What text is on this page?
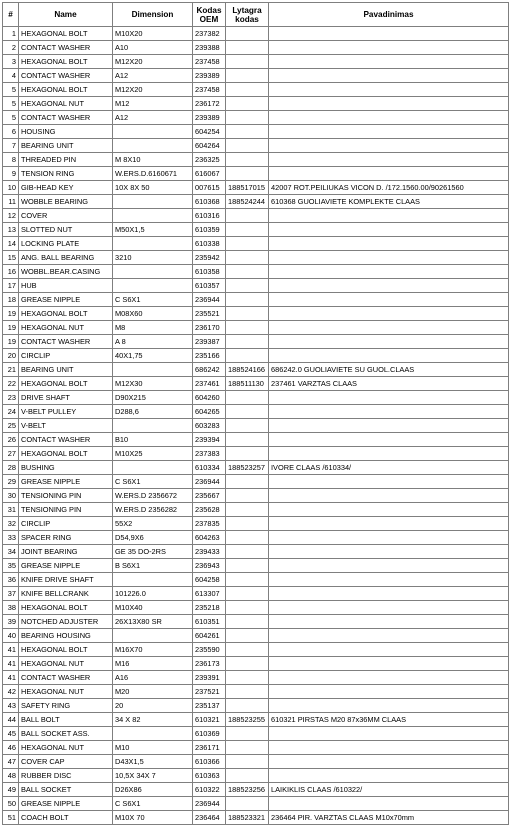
#	Name	Dimension	Kodas OEM	Lytagra kodas	Pavadinimas
1	HEXAGONAL BOLT	M10X20	237382		
2	CONTACT WASHER	A10	239388		
3	HEXAGONAL BOLT	M12X20	237458		
4	CONTACT WASHER	A12	239389		
5	HEXAGONAL BOLT	M12X20	237458		
5	HEXAGONAL NUT	M12	236172		
5	CONTACT WASHER	A12	239389		
6	HOUSING		604254		
7	BEARING UNIT		604264		
8	THREADED PIN	M 8X10	236325		
9	TENSION RING	W.ERS.D.6160671	616067		
10	GIB-HEAD KEY	10X 8X 50	007615	188517015	42007 ROT.PEILIUKAS VICON D. /172.1560.00/90261560
11	WOBBLE BEARING		610368	188524244	610368 GUOLIAVIETE KOMPLEKTE CLAAS
12	COVER		610316		
13	SLOTTED NUT	M50X1,5	610359		
14	LOCKING PLATE		610338		
15	ANG. BALL BEARING	3210	235942		
16	WOBBL.BEAR.CASING		610358		
17	HUB		610357		
18	GREASE NIPPLE	C S6X1	236944		
19	HEXAGONAL BOLT	M08X60	235521		
19	HEXAGONAL NUT	M8	236170		
19	CONTACT WASHER	A 8	239387		
20	CIRCLIP	40X1,75	235166		
21	BEARING UNIT		686242	188524166	686242.0 GUOLIAVIETE SU GUOL.CLAAS
22	HEXAGONAL BOLT	M12X30	237461	188511130	237461 VARZTAS CLAAS
23	DRIVE SHAFT	D90X215	604260		
24	V-BELT PULLEY	D288,6	604265		
25	V-BELT		603283		
26	CONTACT WASHER	B10	239394		
27	HEXAGONAL BOLT	M10X25	237383		
28	BUSHING		610334	188523257	IVORE CLAAS /610334/
29	GREASE NIPPLE	C S6X1	236944		
30	TENSIONING PIN	W.ERS.D 2356672	235667		
31	TENSIONING PIN	W.ERS.D 2356282	235628		
32	CIRCLIP	55X2	237835		
33	SPACER RING	D54,9X6	604263		
34	JOINT BEARING	GE 35 DO-2RS	239433		
35	GREASE NIPPLE	B S6X1	236943		
36	KNIFE DRIVE SHAFT		604258		
37	KNIFE BELLCRANK	101226.0	613307		
38	HEXAGONAL BOLT	M10X40	235218		
39	NOTCHED ADJUSTER	26X13X80 SR	610351		
40	BEARING HOUSING		604261		
41	HEXAGONAL BOLT	M16X70	235590		
41	HEXAGONAL NUT	M16	236173		
41	CONTACT WASHER	A16	239391		
42	HEXAGONAL NUT	M20	237521		
43	SAFETY RING	20	235137		
44	BALL BOLT	34 X 82	610321	188523255	610321 PIRSTAS M20 87x36MM CLAAS
45	BALL SOCKET ASS.		610369		
46	HEXAGONAL NUT	M10	236171		
47	COVER CAP	D43X1,5	610366		
48	RUBBER DISC	10,5X 34X 7	610363		
49	BALL SOCKET	D26X86	610322	188523256	LAIKIKLIS CLAAS /610322/
50	GREASE NIPPLE	C S6X1	236944		
51	COACH BOLT	M10X 70	236464	188523321	236464 PIR. VARZTAS CLAAS M10x70mm
